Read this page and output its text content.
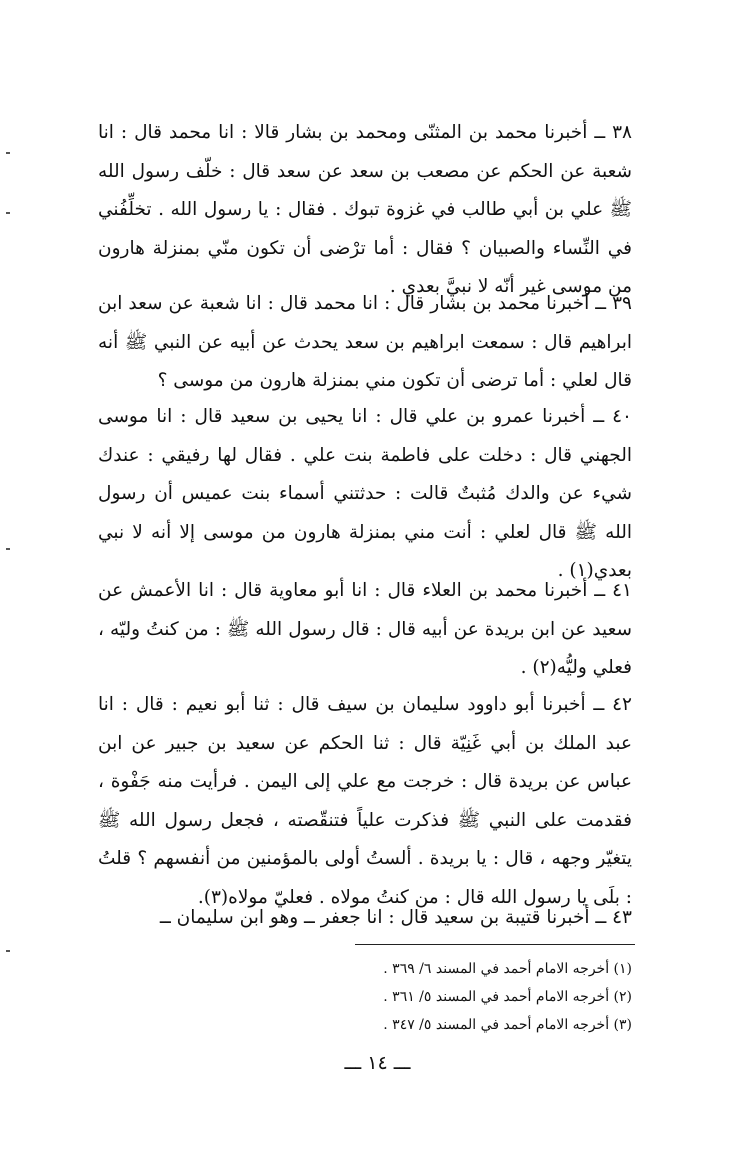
٣٨ ــ أخبرنا محمد بن المثنّى ومحمد بن بشار قالا : انا محمد قال : انا شعبة عن الحكم عن مصعب بن سعد عن سعد قال : خلّف رسول الله ﷺ علي بن أبي طالب في غزوة تبوك . فقال : يا رسول الله . تخلِّفُني في النِّساء والصبيان ؟ فقال : أما ترْضى أن تكون منّي بمنزلة هارون من موسى غير أنّه لا نبيَّ بعدي .

٣٩ ــ أخبرنا محمد بن بشار قال : انا محمد قال : انا شعبة عن سعد ابن ابراهيم قال : سمعت ابراهيم بن سعد يحدث عن أبيه عن النبي ﷺ أنه قال لعلي : أما ترضى أن تكون مني بمنزلة هارون من موسى ؟

٤٠ ــ أخبرنا عمرو بن علي قال : انا يحيى بن سعيد قال : انا موسى الجهني قال : دخلت على فاطمة بنت علي . فقال لها رفيقي : عندك شيء عن والدك مُثبتٌ قالت : حدثتني أسماء بنت عميس أن رسول الله ﷺ قال لعلي : أنت مني بمنزلة هارون من موسى إلا أنه لا نبي بعدي(١) .

٤١ ــ أخبرنا محمد بن العلاء قال : انا أبو معاوية قال : انا الأعمش عن سعيد عن ابن بريدة عن أبيه قال : قال رسول الله ﷺ : من كنتُ وليّه ، فعلي وليُّه(٢) .

٤٢ ــ أخبرنا أبو داوود سليمان بن سيف قال : ثنا أبو نعيم : قال : انا عبد الملك بن أبي غَنِيّة قال : ثنا الحكم عن سعيد بن جبير عن ابن عباس عن بريدة قال : خرجت مع علي إلى اليمن . فرأيت منه جَفْوة ، فقدمت على النبي ﷺ فذكرت علياً فتنقّصته ، فجعل رسول الله ﷺ يتغيّر وجهه ، قال : يا بريدة . ألستُ أولى بالمؤمنين من أنفسهم ؟ قلتُ : بلَى يا رسول الله قال : من كنتُ مولاه . فعليّ مولاه(٣).

٤٣ ــ أخبرنا قتيبة بن سعيد قال : انا جعفر ــ وهو ابن سليمان ــ

(١) أخرجه الامام أحمد في المسند ٦/ ٣٦٩ .

(٢) أخرجه الامام أحمد في المسند ٥/ ٣٦١ .

(٣) أخرجه الامام أحمد في المسند ٥/ ٣٤٧ .

ـــ ١٤ ـــ
